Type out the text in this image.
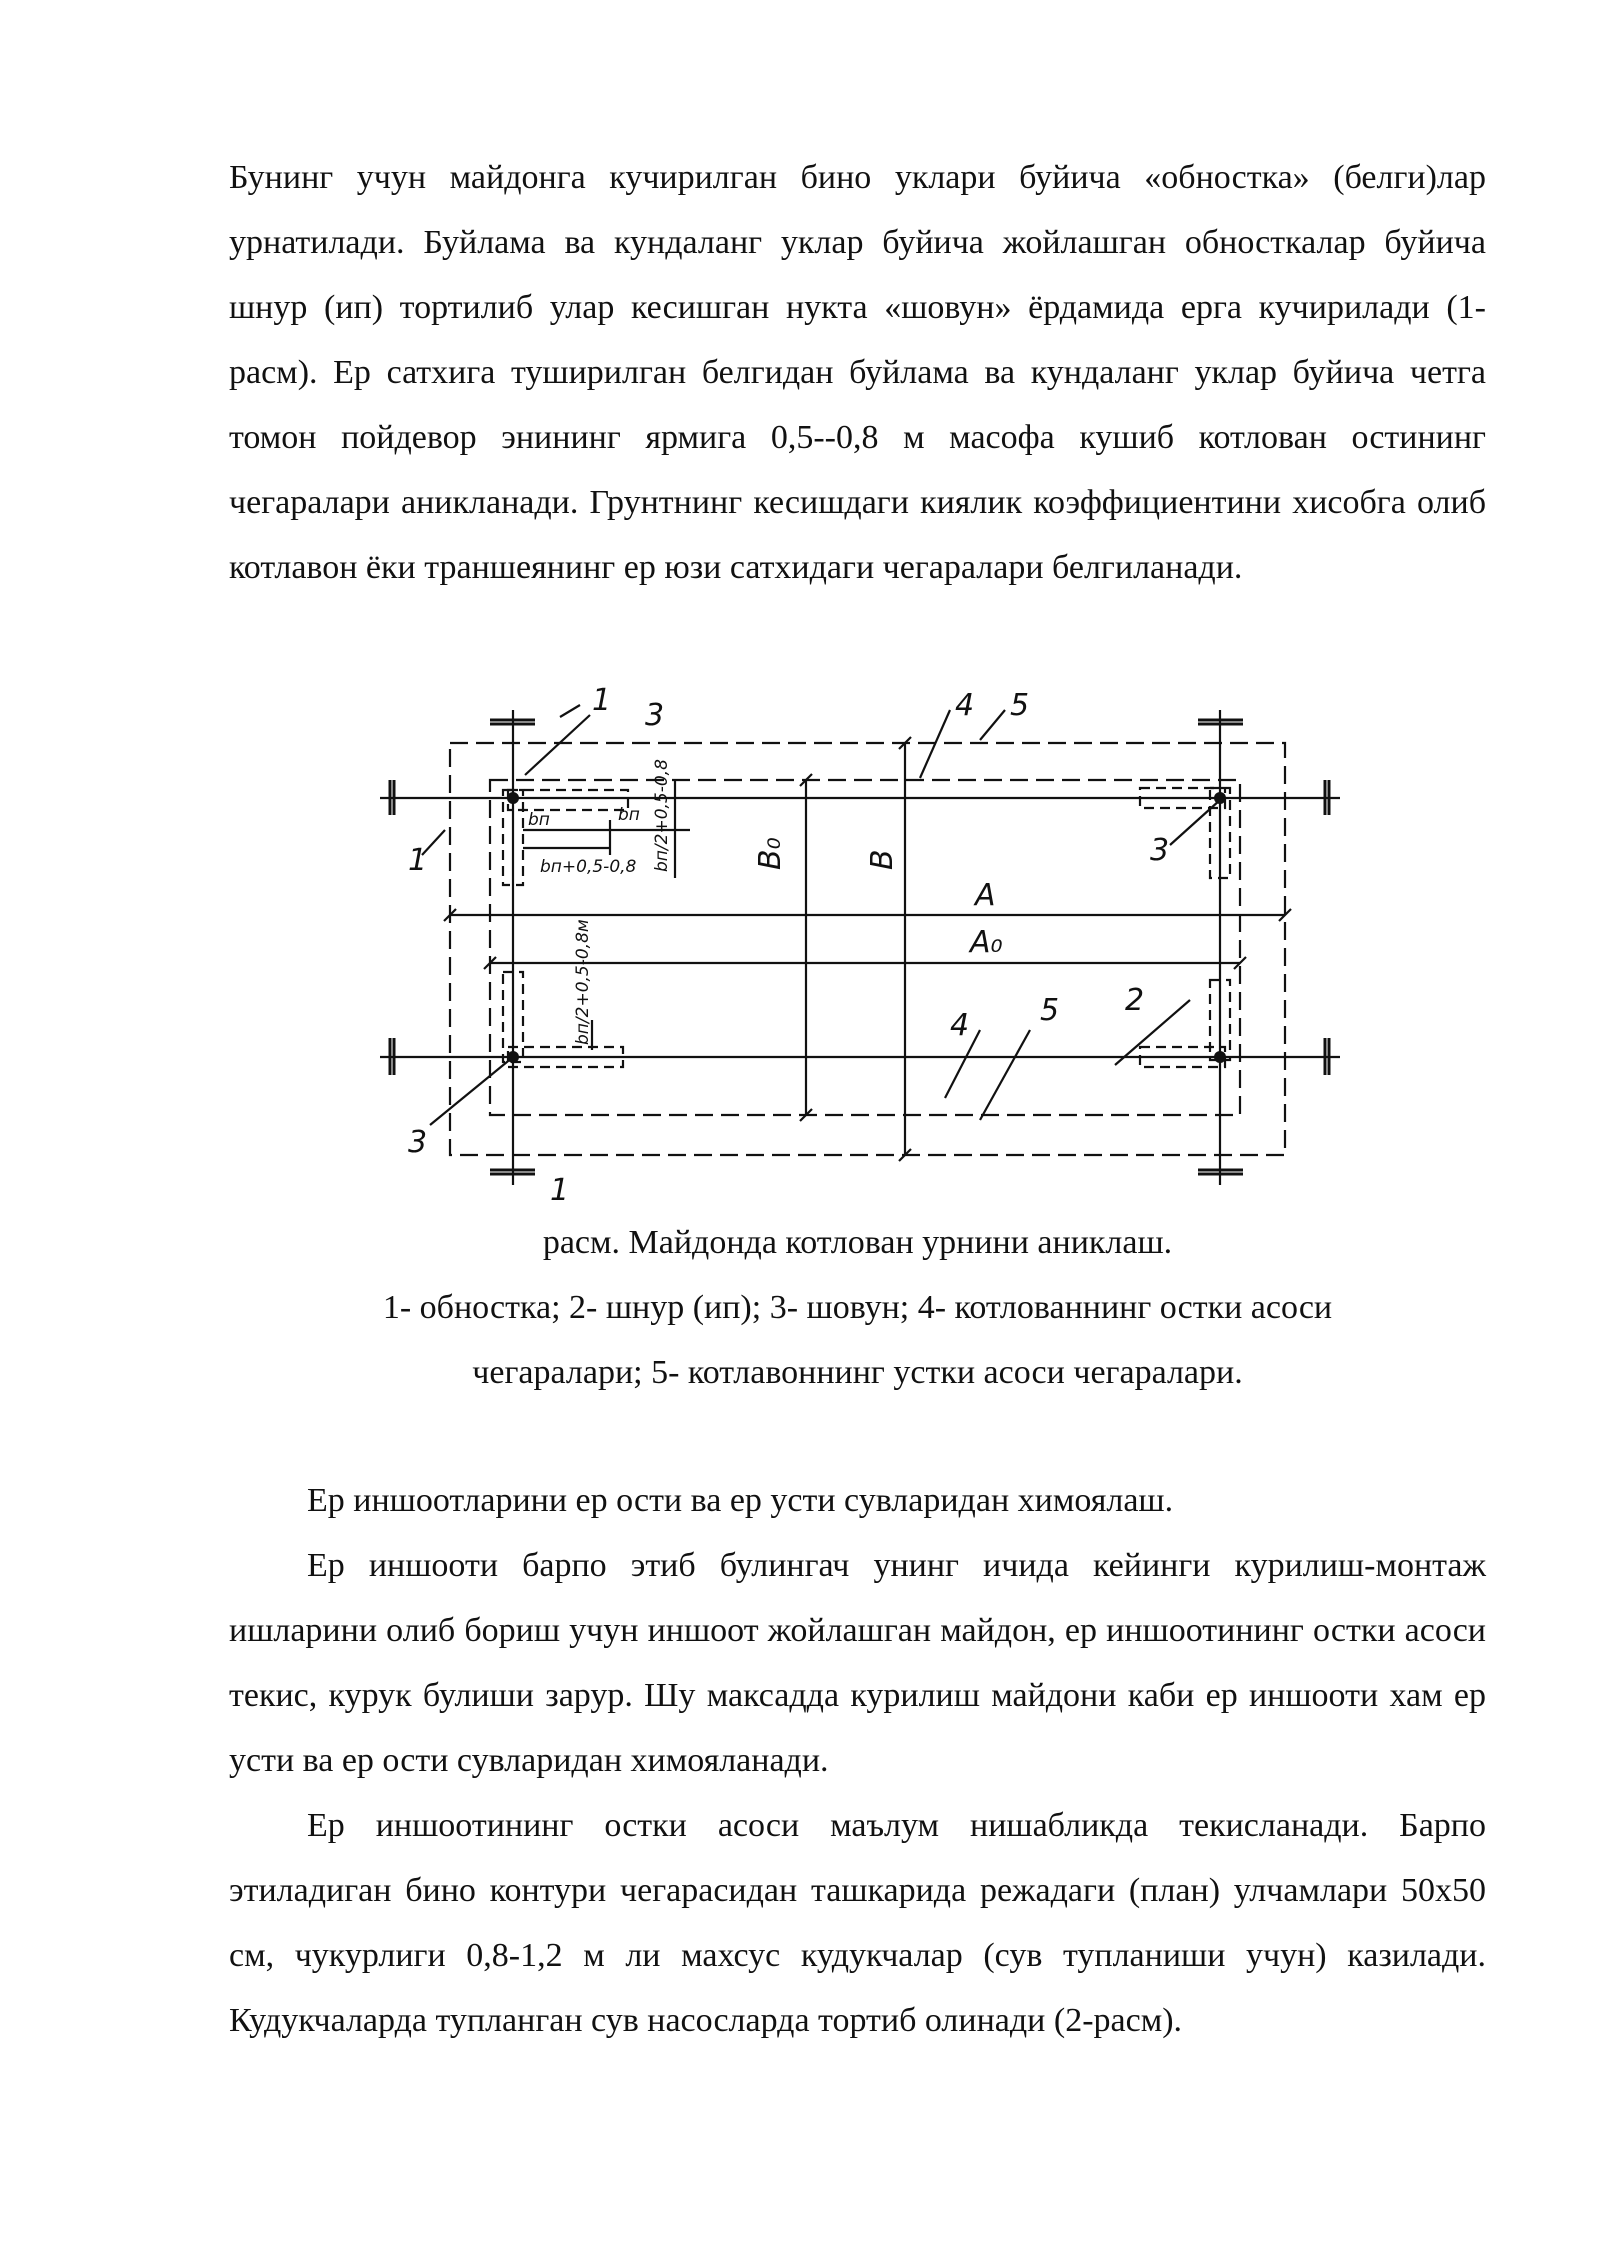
Бунинг учун майдонга кучирилган бино уклари буйича «обностка» (белги)лар урнатилади. Буйлама ва кундаланг уклар буйича жойлашган обносткалар буйича шнур (ип) тортилиб улар кесишган нукта «шовун» ёрдамида ерга кучирилади (1-расм). Ер сатхига туширилган белгидан буйлама ва кундаланг уклар буйича четга томон пойдевор энининг ярмига 0,5--0,8 м масофа кушиб котлован остининг чегаралари аникланади. Грунтнинг кесишдаги киялик коэффициентини хисобга олиб котлавон ёки траншеянинг ер юзи сатхидаги чегаралари белгиланади.

1 3	4 5
1	3
2
4 5
3
1
А
А₀
В₀	В
bп	bп
bп+0,5-0,8 bп/2+0,5-0,8
bп/2+0,5-0,8м

расм. Майдонда котлован урнини аниклаш.

1- обностка; 2- шнур (ип); 3- шовун; 4- котлованнинг остки асоси

чегаралари; 5- котлавоннинг устки асоси чегаралари.

Ер иншоотларини ер ости ва ер усти сувларидан химоялаш.

Ер иншооти барпо этиб булингач унинг ичида кейинги курилиш-монтаж ишларини олиб бориш учун иншоот жойлашган майдон, ер иншоотининг остки асоси текис, курук булиши зарур. Шу максадда курилиш майдони каби ер иншооти хам ер усти ва ер ости сувларидан химояланади.

Ер иншоотининг остки асоси маълум нишабликда текисланади. Барпо этиладиган бино контури чегарасидан ташкарида режадаги (план) улчамлари 50х50 см, чукурлиги 0,8-1,2 м ли махсус кудукчалар (сув тупланиши учун) казилади. Кудукчаларда тупланган сув насосларда тортиб олинади (2-расм).
